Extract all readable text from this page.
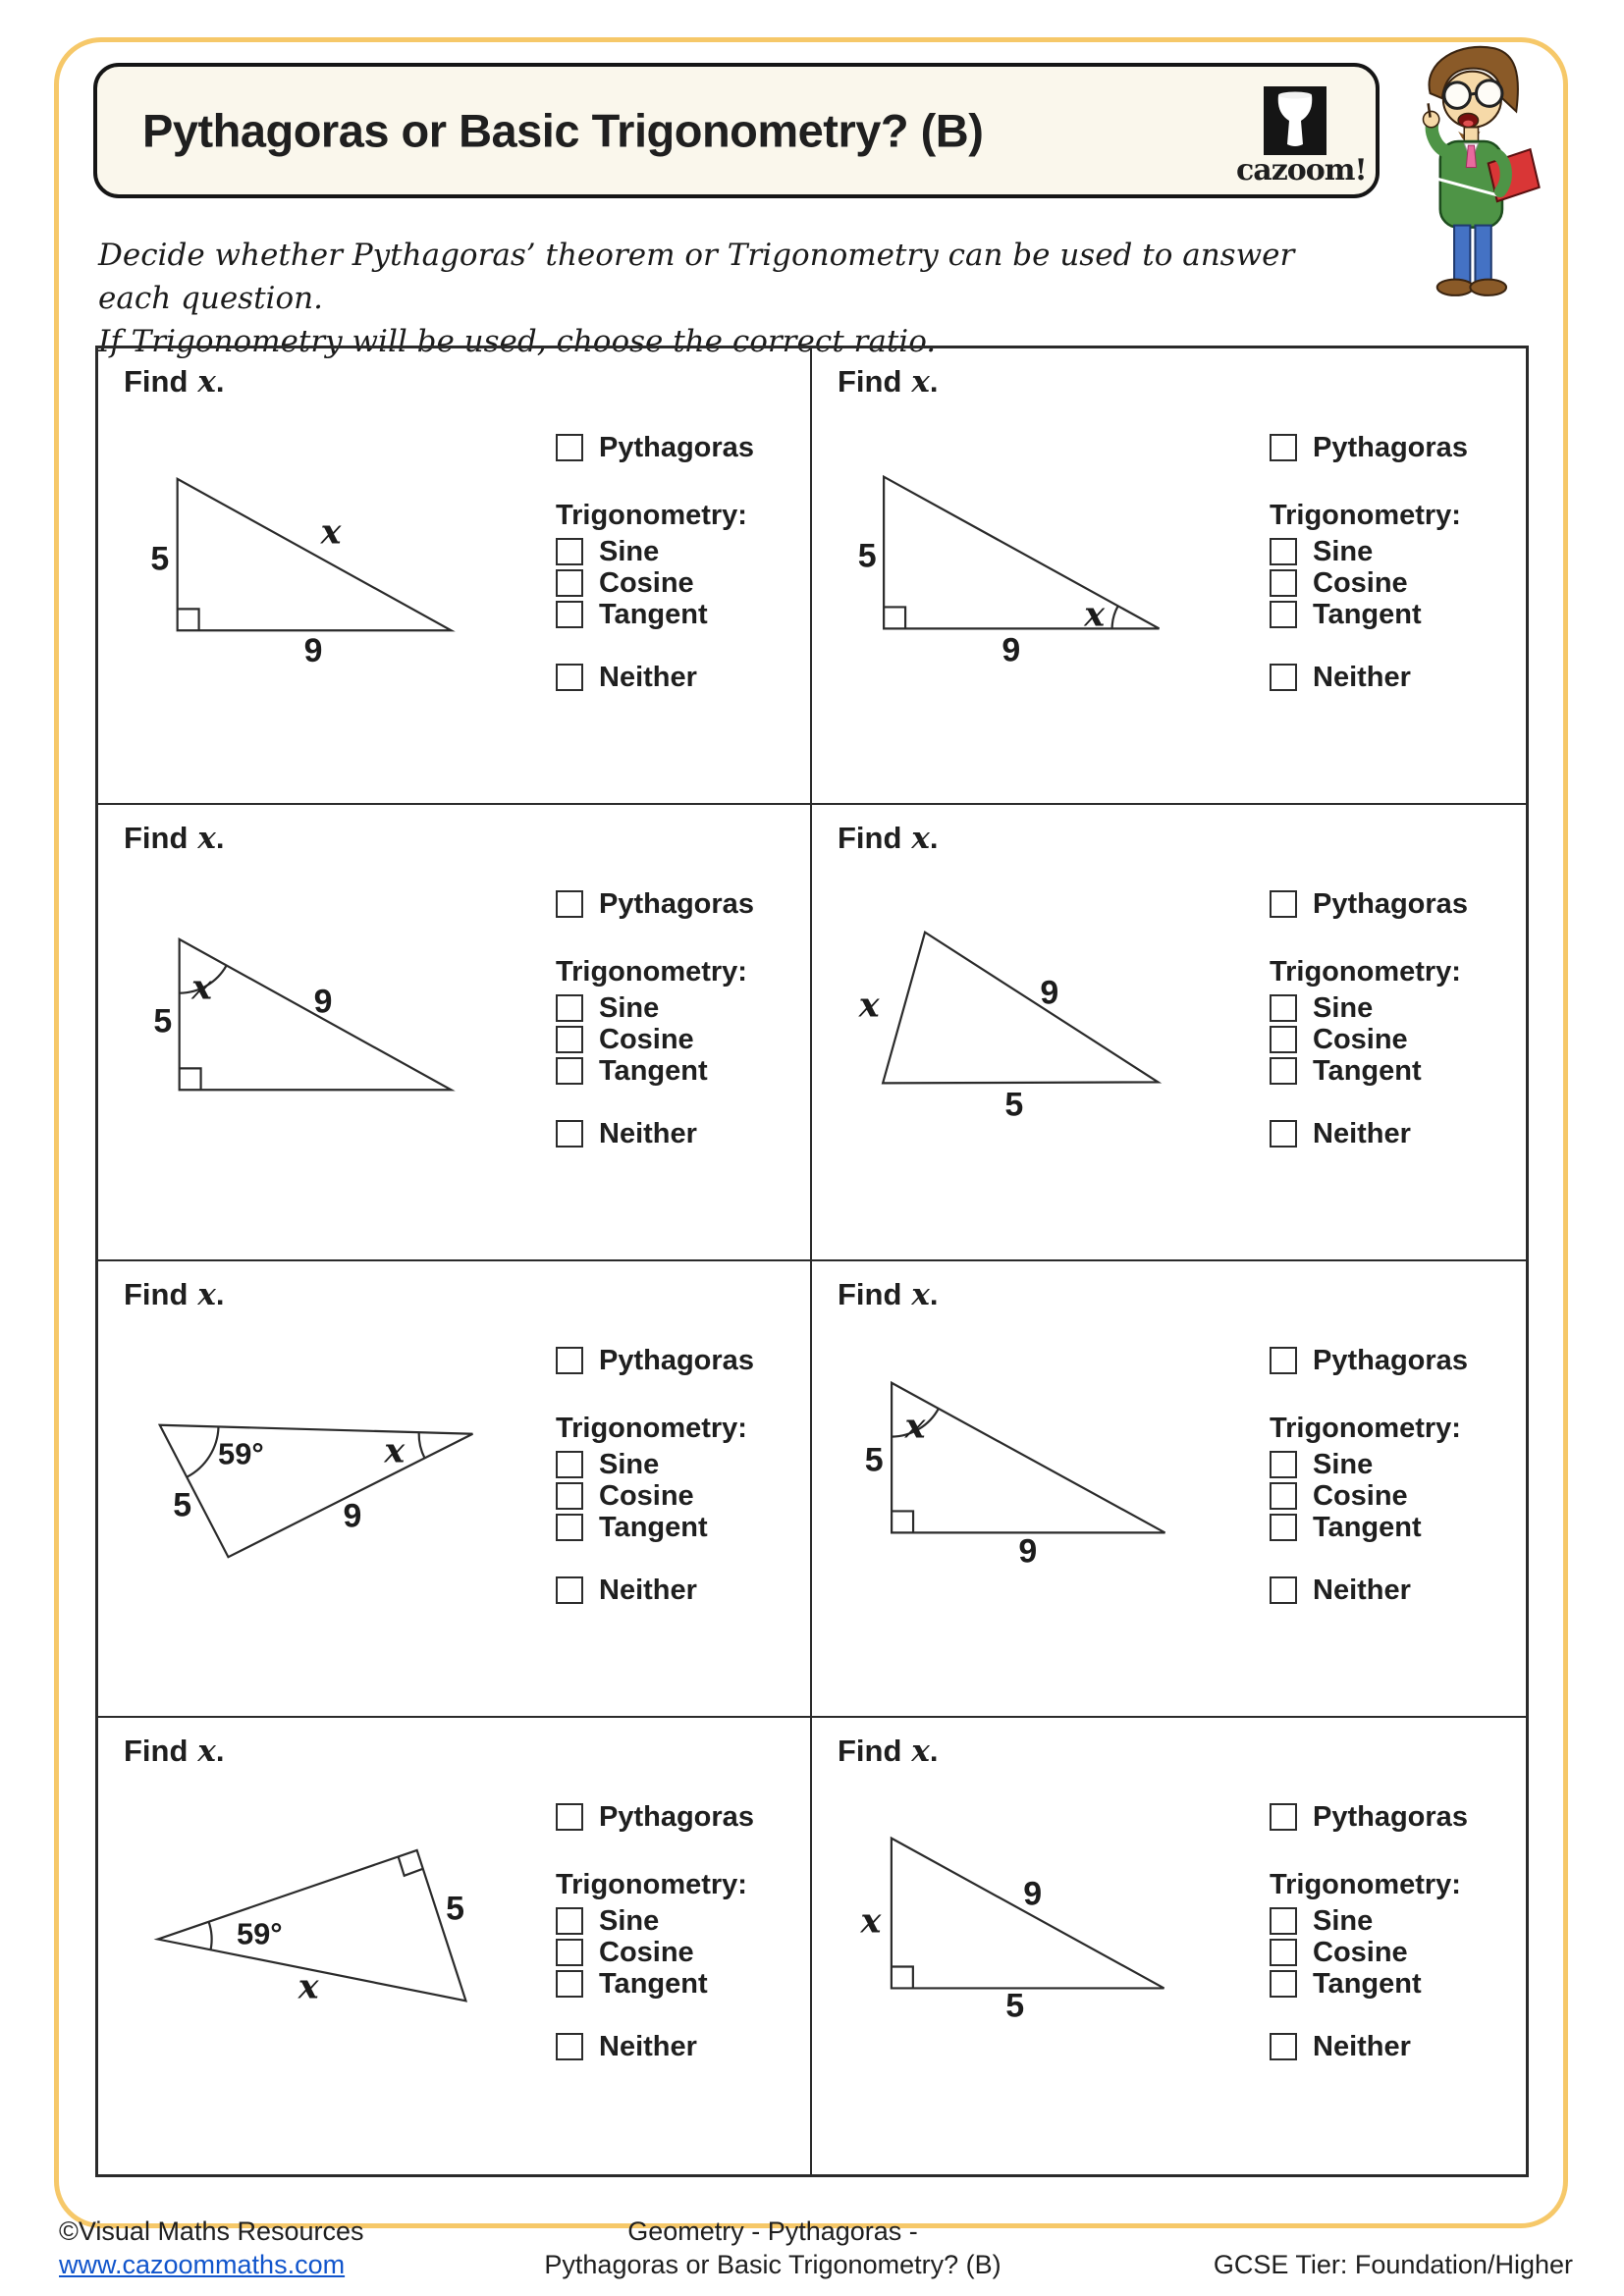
Pythagoras or Basic Trigonometry? (B)
cazoom!
Decide whether Pythagoras’ theorem or Trigonometry can be used to answer each question.
If Trigonometry will be used, choose the correct ratio.
Find x.
5
9
x
Pythagoras
Trigonometry:
Sine
Cosine
Tangent
Neither
Find x.
5
9
x
Pythagoras
Trigonometry:
Sine
Cosine
Tangent
Neither
Find x.
x
5
9
Pythagoras
Trigonometry:
Sine
Cosine
Tangent
Neither
Find x.
x	9
5
Pythagoras
Trigonometry:
Sine
Cosine
Tangent
Neither
Find x.
59°	x
5	9
Pythagoras
Trigonometry:
Sine
Cosine
Tangent
Neither
Find x.
x
5
9
Pythagoras
Trigonometry:
Sine
Cosine
Tangent
Neither
Find x.
59°
5
x
Pythagoras
Trigonometry:
Sine
Cosine
Tangent
Neither
Find x.
x
9
5
Pythagoras
Trigonometry:
Sine
Cosine
Tangent
Neither
©Visual Maths Resources
www.cazoommaths.com
Geometry - Pythagoras -
Pythagoras or Basic Trigonometry? (B)	GCSE Tier: Foundation/Higher
